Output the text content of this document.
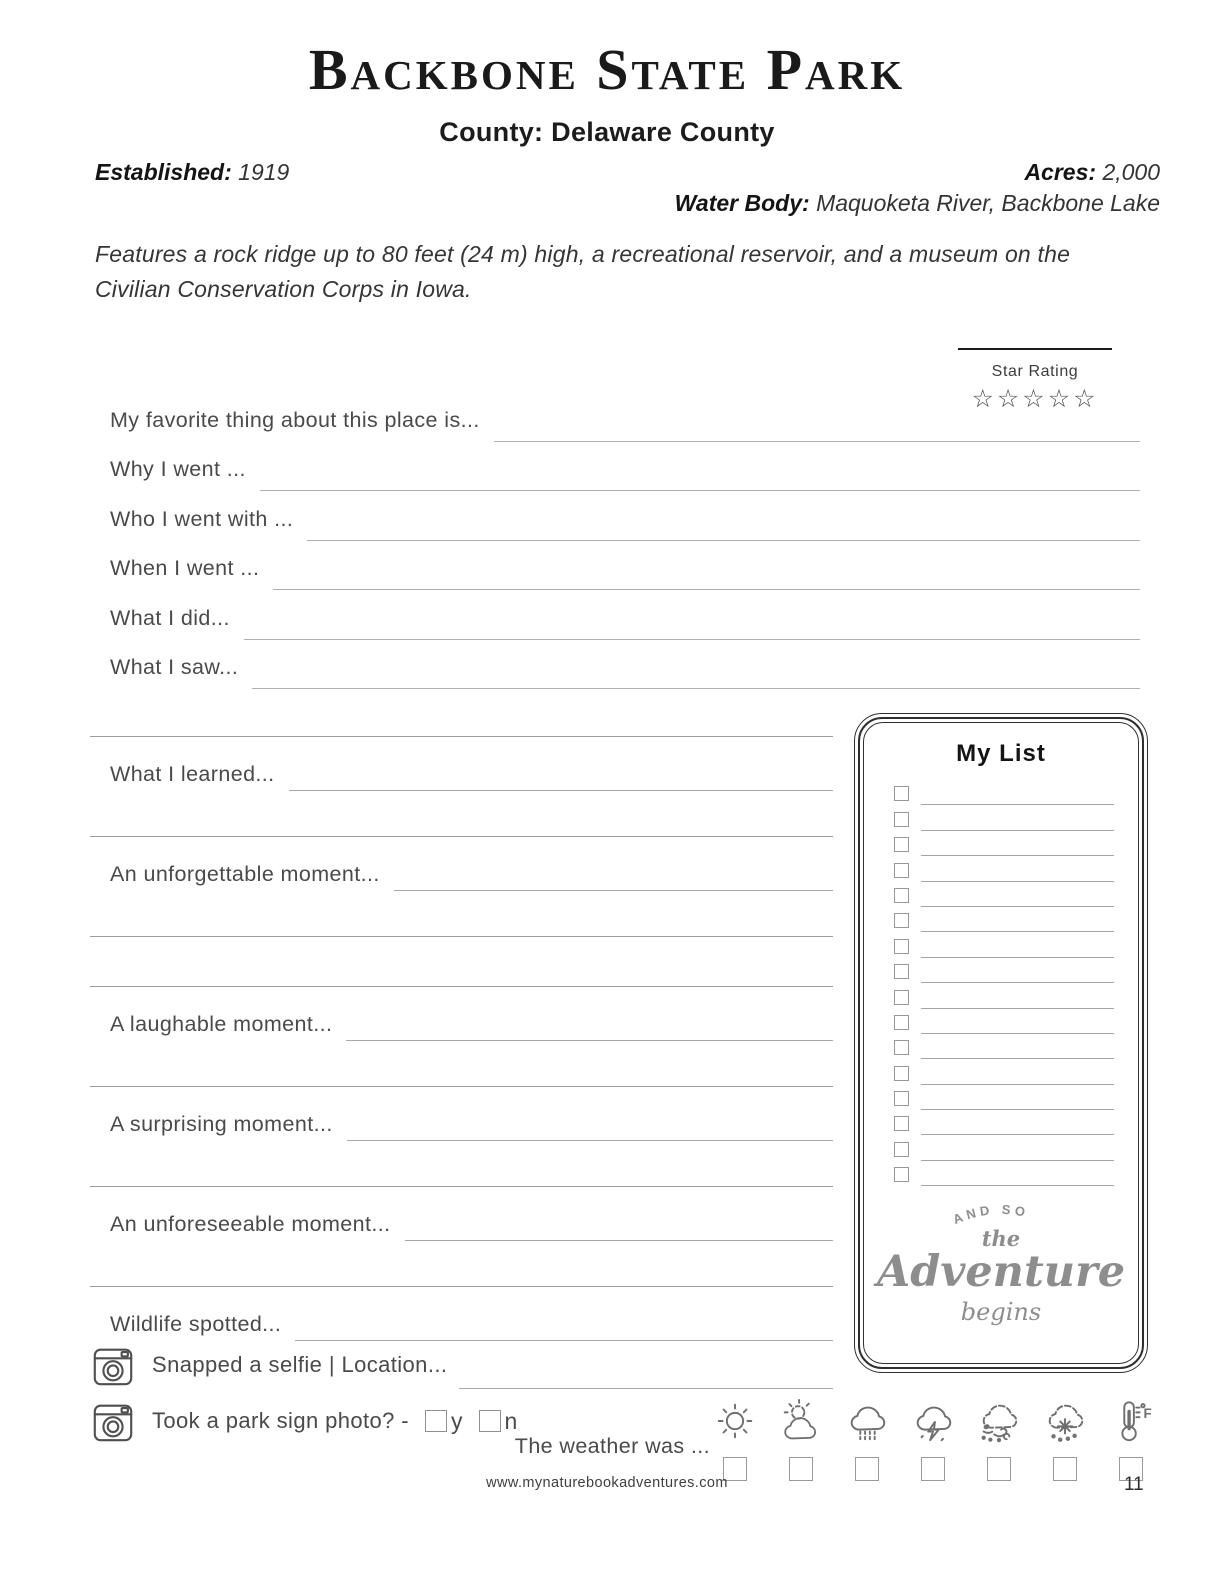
Backbone State Park
County: Delaware County
Established: 1919	Acres: 2,000
Water Body: Maquoketa River, Backbone Lake
Features a rock ridge up to 80 feet (24 m) high, a recreational reservoir, and a museum on the Civilian Conservation Corps in Iowa.
Star Rating
☆☆☆☆☆
My favorite thing about this place is...
Why I went ...
Who I went with ...
When I went ...
What I did...
What I saw...
What I learned...
An unforgettable moment...
A laughable moment...
A surprising moment...
An unforeseeable moment...
Wildlife spotted...
Snapped a selfie | Location...
Took a park sign photo? - y n
The weather was ...
F
My List
AND SO
the
Adventure
begins
www.mynaturebookadventures.com	11
